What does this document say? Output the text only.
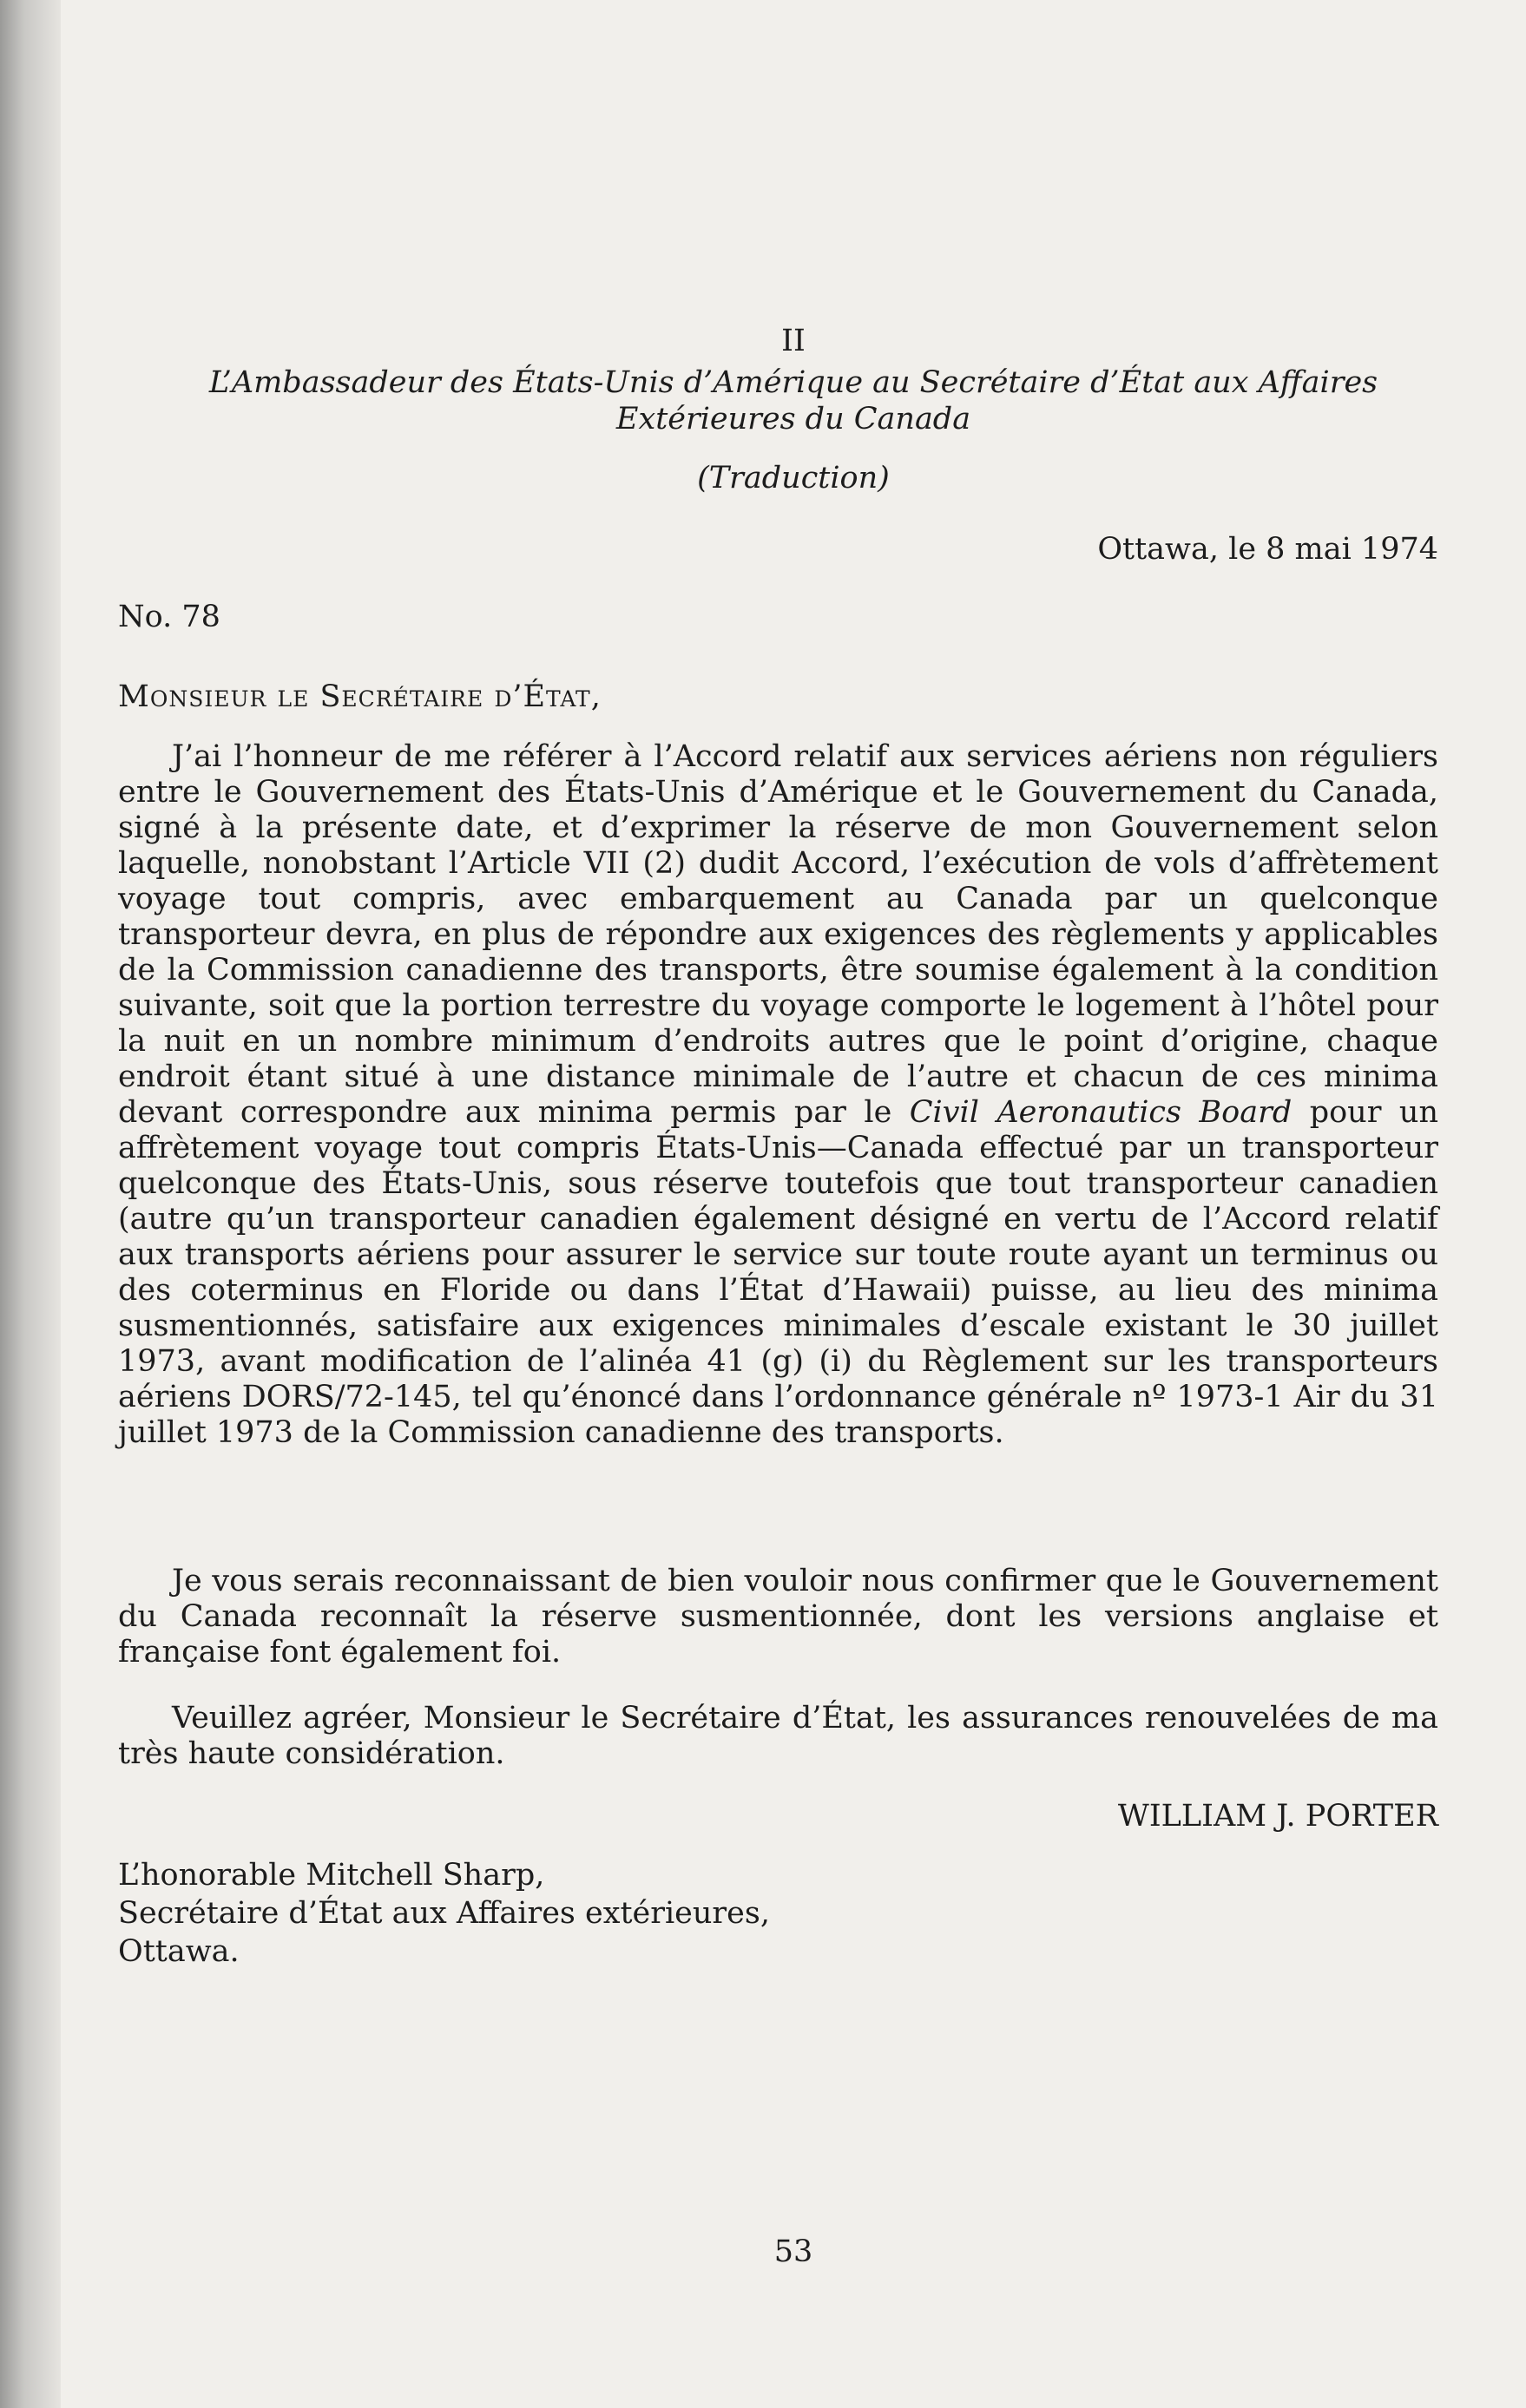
II
L’Ambassadeur des États-Unis d’Amérique au Secrétaire d’État aux Affaires
Extérieures du Canada
(Traduction)
Ottawa, le 8 mai 1974
No. 78
Monsieur le Secrétaire d’État,
J’ai l’honneur de me référer à l’Accord relatif aux services aériens non réguliers entre le Gouvernement des États-Unis d’Amérique et le Gouvernement du Canada, signé à la présente date, et d’exprimer la réserve de mon Gouvernement selon laquelle, nonobstant l’Article VII (2) dudit Accord, l’exécution de vols d’affrètement voyage tout compris, avec embarquement au Canada par un quelconque transporteur devra, en plus de répondre aux exigences des règlements y applicables de la Commission canadienne des transports, être soumise également à la condition suivante, soit que la portion terrestre du voyage comporte le logement à l’hôtel pour la nuit en un nombre minimum d’endroits autres que le point d’origine, chaque endroit étant situé à une distance minimale de l’autre et chacun de ces minima devant correspondre aux minima permis par le Civil Aeronautics Board pour un affrètement voyage tout compris États-Unis—Canada effectué par un transporteur quelconque des États-Unis, sous réserve toutefois que tout transporteur canadien (autre qu’un transporteur canadien également désigné en vertu de l’Accord relatif aux transports aériens pour assurer le service sur toute route ayant un terminus ou des coterminus en Floride ou dans l’État d’Hawaii) puisse, au lieu des minima susmentionnés, satisfaire aux exigences minimales d’escale existant le 30 juillet 1973, avant modification de l’alinéa 41 (g) (i) du Règlement sur les transporteurs aériens DORS/72-145, tel qu’énoncé dans l’ordonnance générale nº 1973-1 Air du 31 juillet 1973 de la Commission canadienne des transports.
Je vous serais reconnaissant de bien vouloir nous confirmer que le Gouvernement du Canada reconnaît la réserve susmentionnée, dont les versions anglaise et française font également foi.
Veuillez agréer, Monsieur le Secrétaire d’État, les assurances renouvelées de ma très haute considération.
WILLIAM J. PORTER
L’honorable Mitchell Sharp,
Secrétaire d’État aux Affaires extérieures,
Ottawa.
53
